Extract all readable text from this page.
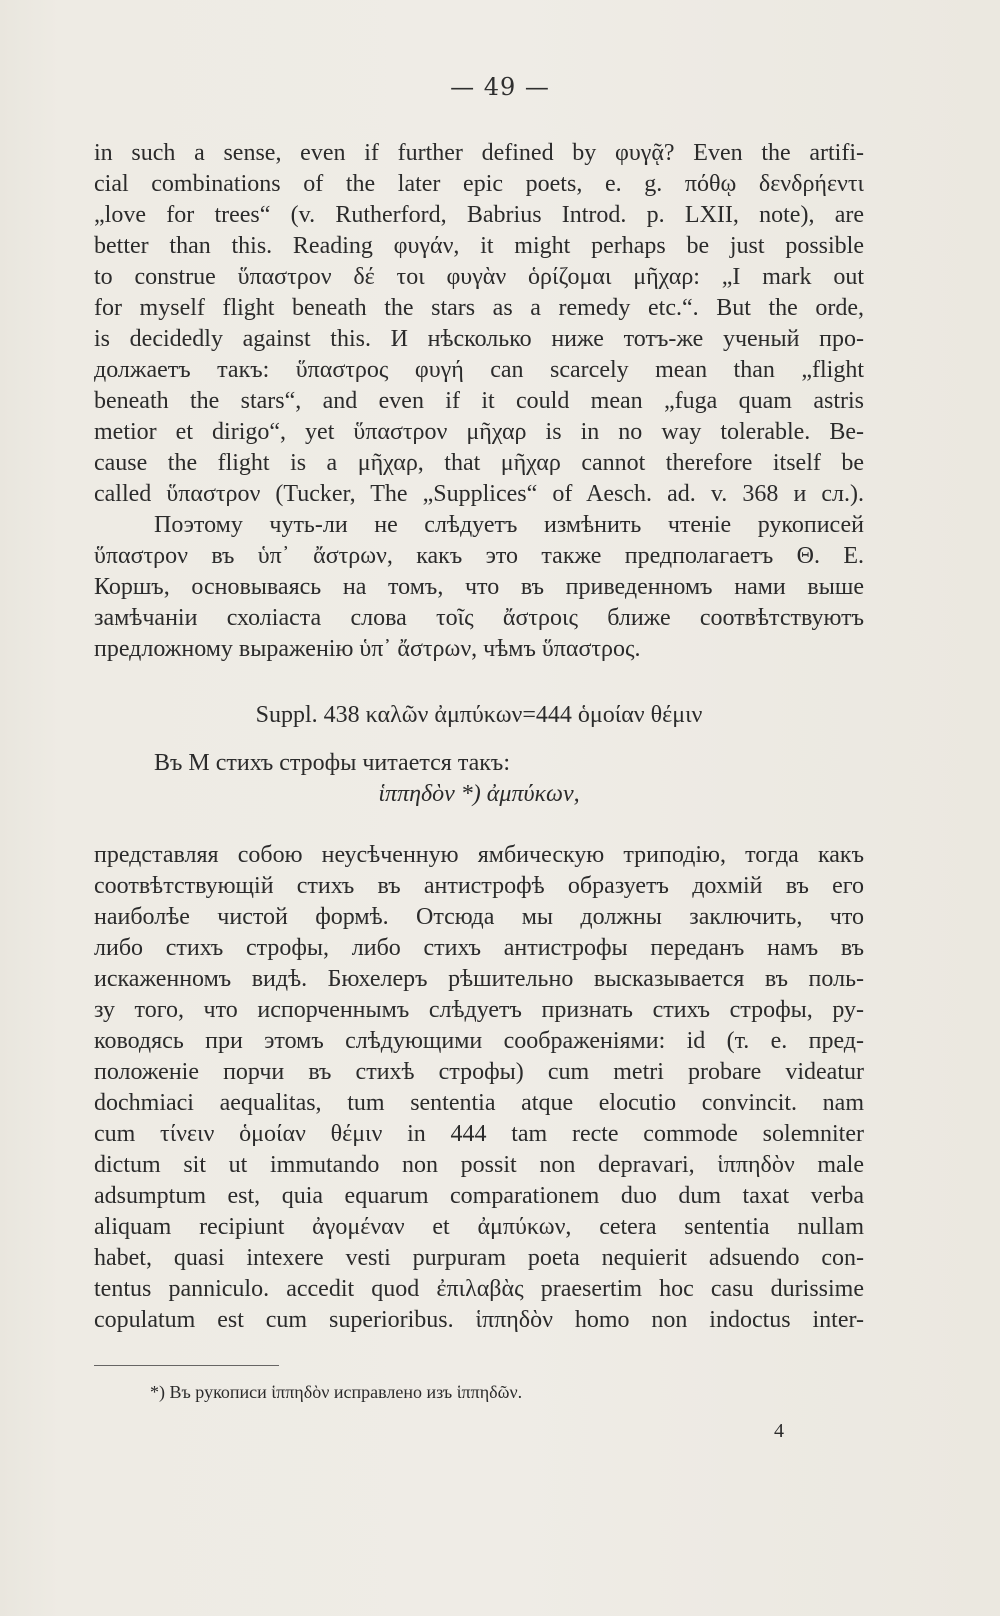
— 49 —
in such a sense, even if further defined by φυγᾷ? Even the artifi-
cial combinations of the later epic poets, e. g. πόθῳ δενδρήεντι
„love for trees“ (v. Rutherford, Babrius Introd. p. LXII, note), are
better than this. Reading φυγάν, it might perhaps be just possible
to construe ὕπαστρον δέ τοι φυγὰν ὁρίζομαι μῆχαρ: „I mark out
for myself flight beneath the stars as a remedy etc.“. But the orde,
is decidedly against this. И нѣсколько ниже тотъ-же ученый про-
должаетъ такъ: ὕπαστρος φυγή can scarcely mean than „flight
beneath the stars“, and even if it could mean „fuga quam astris
metior et dirigo“, yet ὕπαστρον μῆχαρ is in no way tolerable. Be-
cause the flight is a μῆχαρ, that μῆχαρ cannot therefore itself be
called ὕπαστρον (Tucker, The „Supplices“ of Aesch. ad. v. 368 и сл.).
Поэтому чуть-ли не слѣдуетъ измѣнить чтеніе рукописей
ὕπαστρον въ ὑπ᾽ ἄστρων, какъ это также предполагаетъ Θ. Е.
Коршъ, основываясь на томъ, что въ приведенномъ нами выше
замѣчаніи схоліаста слова τοῖς ἄστροις ближе соотвѣтствуютъ
предложному выраженію ὑπ᾽ ἄστρων, чѣмъ ὕπαστρος.
Suppl. 438 καλῶν ἀμπύκων=444 ὁμοίαν θέμιν
Въ М стихъ строфы читается такъ:
ἱππηδὸν *) ἀμπύκων,
представляя собою неусѣченную ямбическую триподію, тогда какъ
соотвѣтствующій стихъ въ антистрофѣ образуетъ дохмій въ его
наиболѣе чистой формѣ. Отсюда мы должны заключить, что
либо стихъ строфы, либо стихъ антистрофы переданъ намъ въ
искаженномъ видѣ. Бюхелеръ рѣшительно высказывается въ поль-
зу того, что испорченнымъ слѣдуетъ признать стихъ строфы, ру-
ководясь при этомъ слѣдующими соображеніями: id (т. е. пред-
положеніе порчи въ стихѣ строфы) cum metri probare videatur
dochmiaci aequalitas, tum sententia atque elocutio convincit. nam
cum τίνειν ὁμοίαν θέμιν in 444 tam recte commode solemniter
dictum sit ut immutando non possit non depravari, ἱππηδὸν male
adsumptum est, quia equarum comparationem duo dum taxat verba
aliquam recipiunt ἀγομέναν et ἀμπύκων, cetera sententia nullam
habet, quasi intexere vesti purpuram poeta nequierit adsuendo con-
tentus panniculo. accedit quod ἐπιλαβὰς praesertim hoc casu durissime
copulatum est cum superioribus. ἱππηδὸν homo non indoctus inter-
*) Въ рукописи ἱππηδὸν исправлено изъ ἱππηδῶν.
4
